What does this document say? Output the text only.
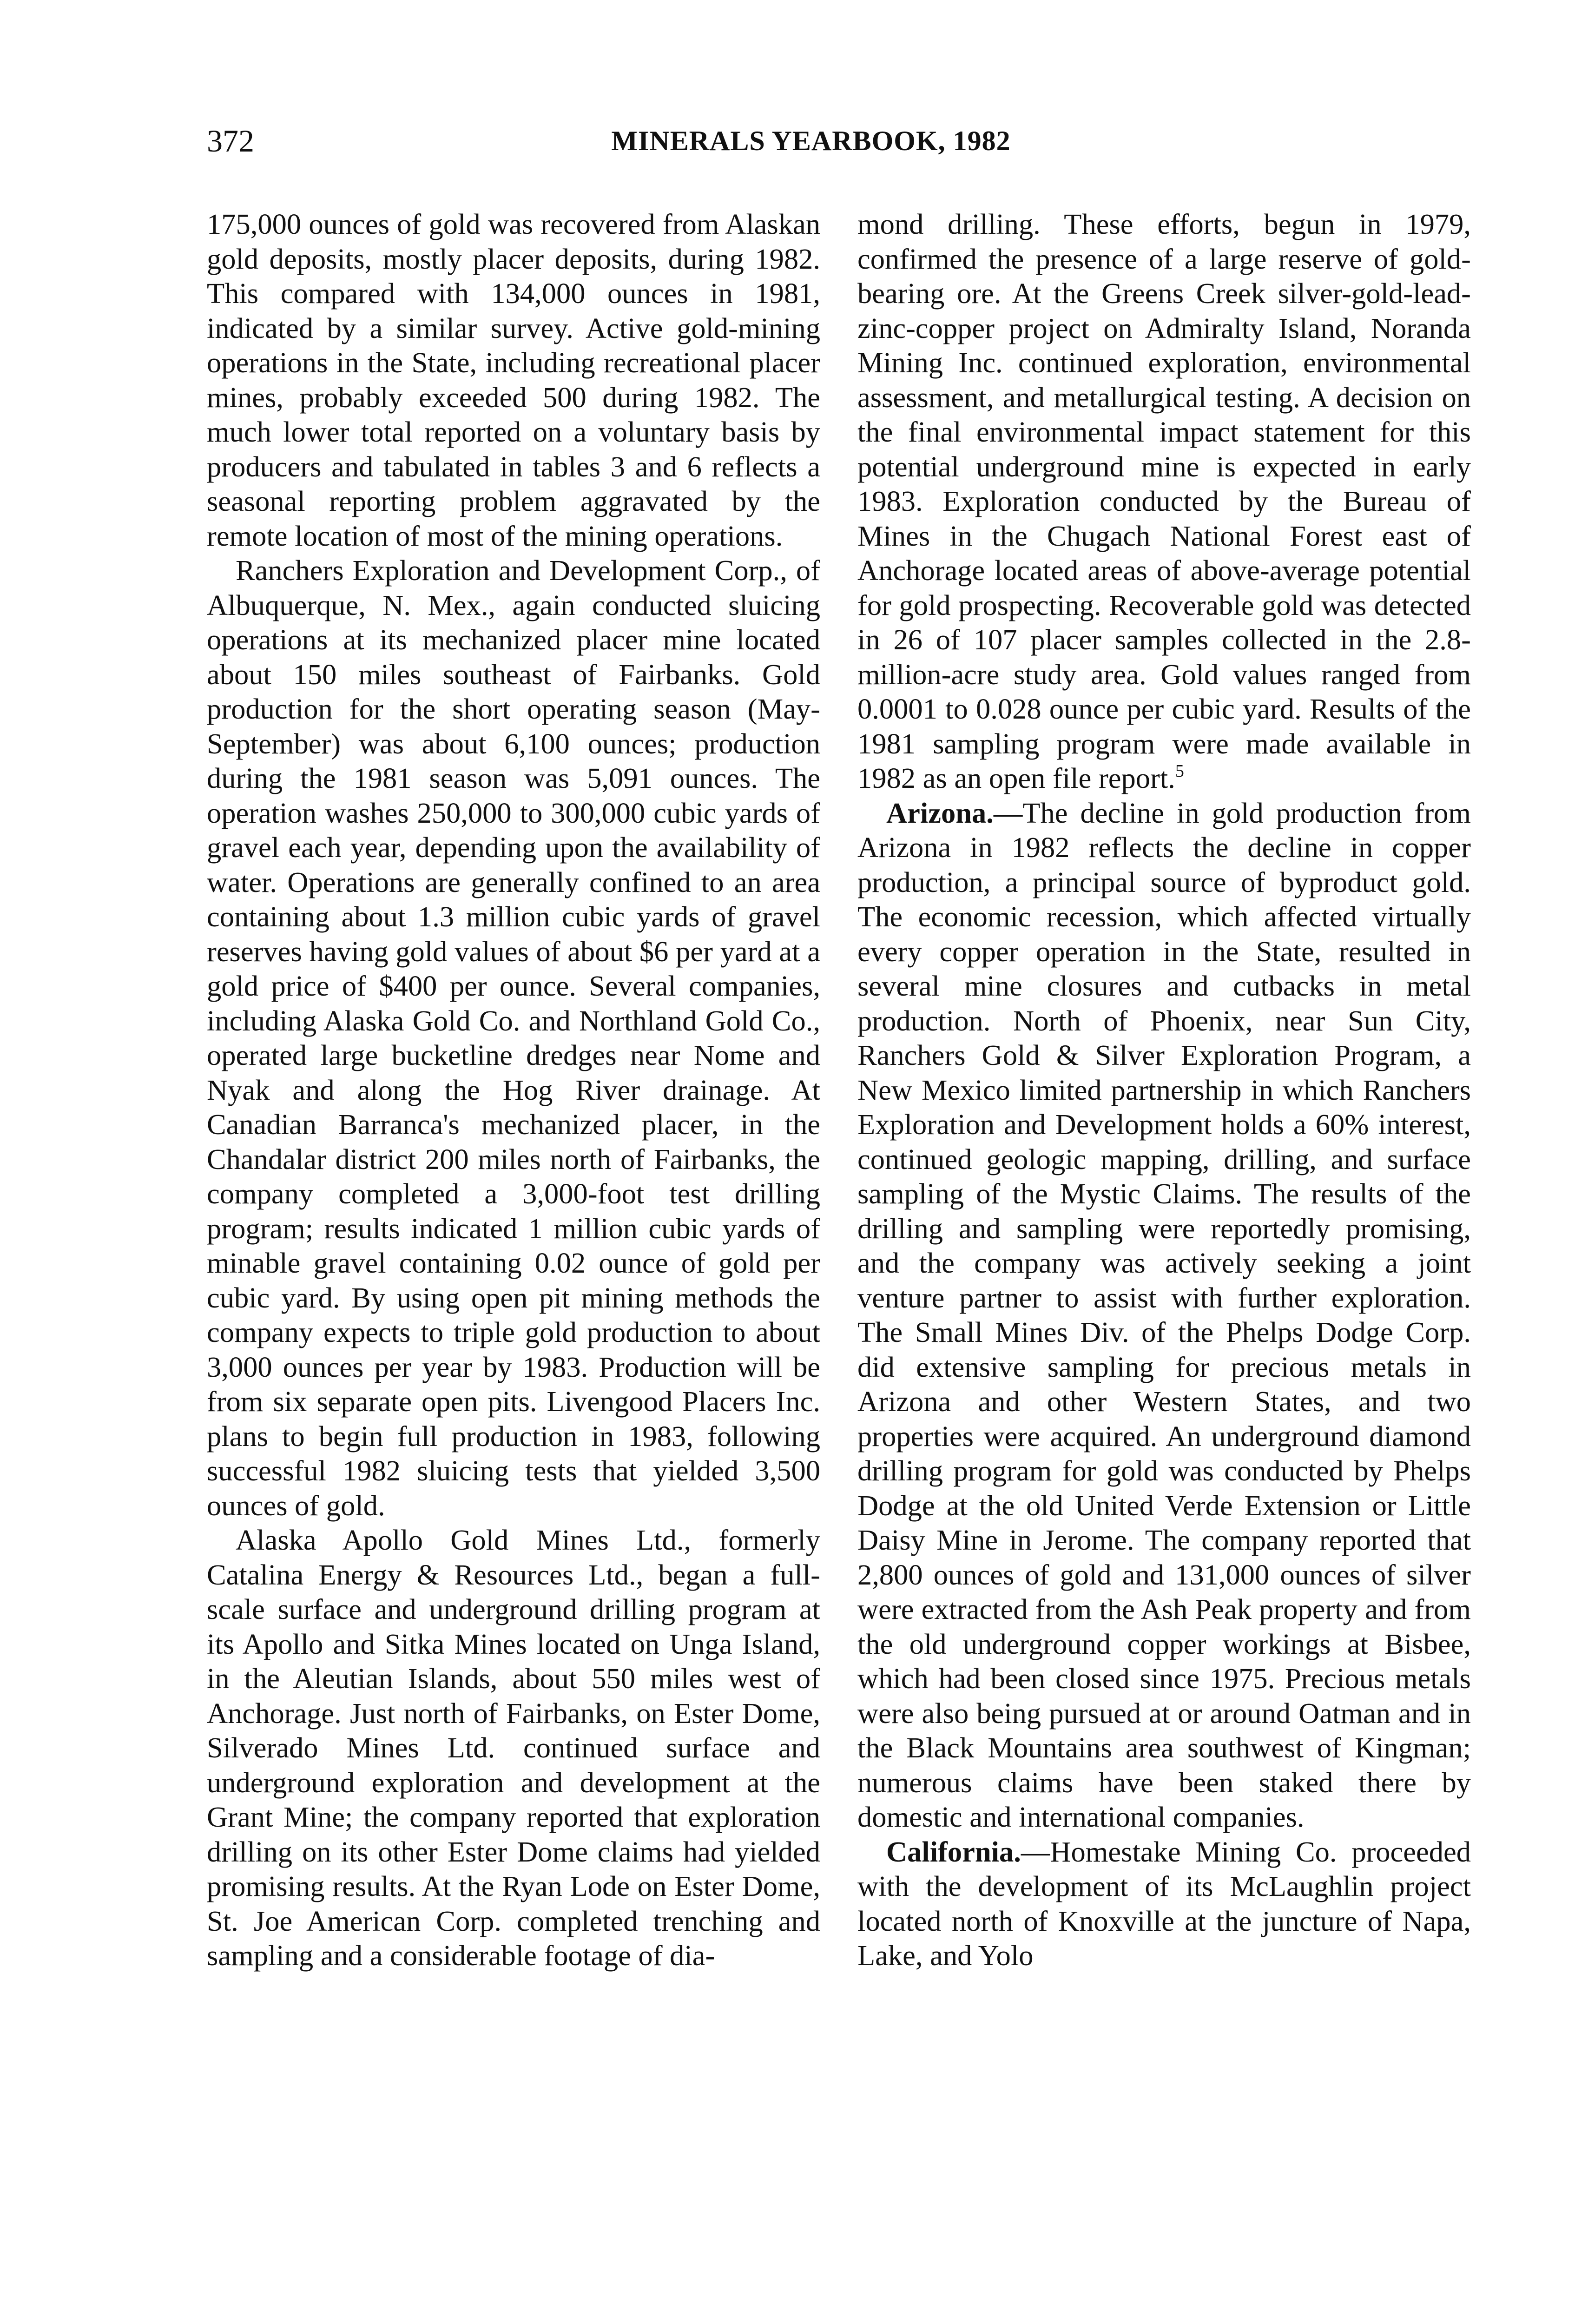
372	MINERALS YEARBOOK, 1982

175,000 ounces of gold was recovered from Alaskan gold deposits, mostly placer deposits, during 1982. This compared with 134,000 ounces in 1981, indicated by a similar survey. Active gold-mining operations in the State, including recreational placer mines, probably exceeded 500 during 1982. The much lower total reported on a voluntary basis by producers and tabulated in tables 3 and 6 reflects a seasonal reporting problem aggravated by the remote location of most of the mining operations.

Ranchers Exploration and Development Corp., of Albuquerque, N. Mex., again conducted sluicing operations at its mechanized placer mine located about 150 miles southeast of Fairbanks. Gold production for the short operating season (May-September) was about 6,100 ounces; production during the 1981 season was 5,091 ounces. The operation washes 250,000 to 300,000 cubic yards of gravel each year, depending upon the availability of water. Operations are generally confined to an area containing about 1.3 million cubic yards of gravel reserves having gold values of about $6 per yard at a gold price of $400 per ounce. Several companies, including Alaska Gold Co. and Northland Gold Co., operated large bucketline dredges near Nome and Nyak and along the Hog River drainage. At Canadian Barranca's mechanized placer, in the Chandalar district 200 miles north of Fairbanks, the company completed a 3,000-foot test drilling program; results indicated 1 million cubic yards of minable gravel containing 0.02 ounce of gold per cubic yard. By using open pit mining methods the company expects to triple gold production to about 3,000 ounces per year by 1983. Production will be from six separate open pits. Livengood Placers Inc. plans to begin full production in 1983, following successful 1982 sluicing tests that yielded 3,500 ounces of gold.

Alaska Apollo Gold Mines Ltd., formerly Catalina Energy & Resources Ltd., began a full-scale surface and underground drilling program at its Apollo and Sitka Mines located on Unga Island, in the Aleutian Islands, about 550 miles west of Anchorage. Just north of Fairbanks, on Ester Dome, Silverado Mines Ltd. continued surface and underground exploration and development at the Grant Mine; the company reported that exploration drilling on its other Ester Dome claims had yielded promising results. At the Ryan Lode on Ester Dome, St. Joe American Corp. completed trenching and sampling and a considerable footage of dia-

mond drilling. These efforts, begun in 1979, confirmed the presence of a large reserve of gold-bearing ore. At the Greens Creek silver-gold-lead-zinc-copper project on Admiralty Island, Noranda Mining Inc. continued exploration, environmental assessment, and metallurgical testing. A decision on the final environmental impact statement for this potential underground mine is expected in early 1983. Exploration conducted by the Bureau of Mines in the Chugach National Forest east of Anchorage located areas of above-average potential for gold prospecting. Recoverable gold was detected in 26 of 107 placer samples collected in the 2.8-million-acre study area. Gold values ranged from 0.0001 to 0.028 ounce per cubic yard. Results of the 1981 sampling program were made available in 1982 as an open file report.$^5$

Arizona.—The decline in gold production from Arizona in 1982 reflects the decline in copper production, a principal source of byproduct gold. The economic recession, which affected virtually every copper operation in the State, resulted in several mine closures and cutbacks in metal production. North of Phoenix, near Sun City, Ranchers Gold & Silver Exploration Program, a New Mexico limited partnership in which Ranchers Exploration and Development holds a 60% interest, continued geologic mapping, drilling, and surface sampling of the Mystic Claims. The results of the drilling and sampling were reportedly promising, and the company was actively seeking a joint venture partner to assist with further exploration. The Small Mines Div. of the Phelps Dodge Corp. did extensive sampling for precious metals in Arizona and other Western States, and two properties were acquired. An underground diamond drilling program for gold was conducted by Phelps Dodge at the old United Verde Extension or Little Daisy Mine in Jerome. The company reported that 2,800 ounces of gold and 131,000 ounces of silver were extracted from the Ash Peak property and from the old underground copper workings at Bisbee, which had been closed since 1975. Precious metals were also being pursued at or around Oatman and in the Black Mountains area southwest of Kingman; numerous claims have been staked there by domestic and international companies.

California.—Homestake Mining Co. proceeded with the development of its McLaughlin project located north of Knoxville at the juncture of Napa, Lake, and Yolo
